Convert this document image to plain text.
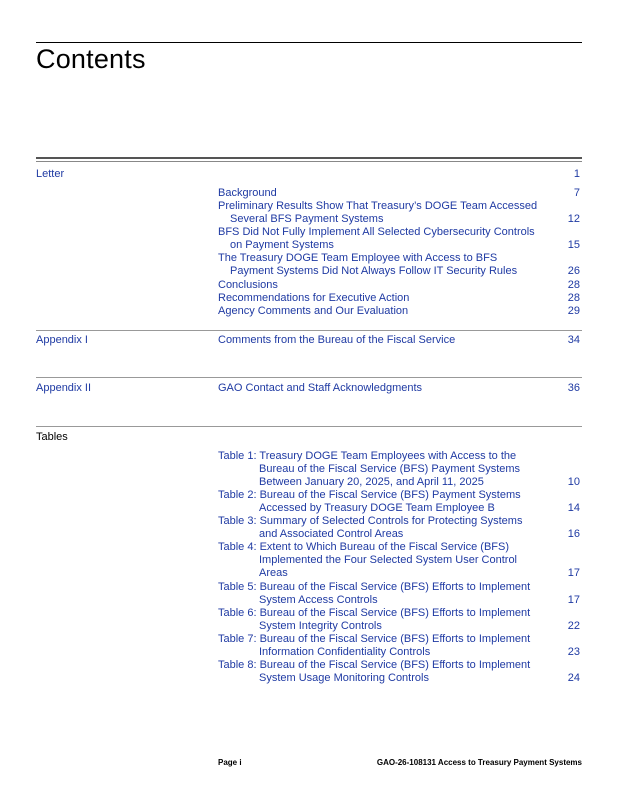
Contents
Letter	1
Background	7
Preliminary Results Show That Treasury’s DOGE Team Accessed Several BFS Payment Systems	12
BFS Did Not Fully Implement All Selected Cybersecurity Controls on Payment Systems	15
The Treasury DOGE Team Employee with Access to BFS Payment Systems Did Not Always Follow IT Security Rules	26
Conclusions	28
Recommendations for Executive Action	28
Agency Comments and Our Evaluation	29
Appendix I	Comments from the Bureau of the Fiscal Service	34
Appendix II	GAO Contact and Staff Acknowledgments	36
Tables
Table 1: Treasury DOGE Team Employees with Access to the Bureau of the Fiscal Service (BFS) Payment Systems Between January 20, 2025, and April 11, 2025	10
Table 2: Bureau of the Fiscal Service (BFS) Payment Systems Accessed by Treasury DOGE Team Employee B	14
Table 3: Summary of Selected Controls for Protecting Systems and Associated Control Areas	16
Table 4: Extent to Which Bureau of the Fiscal Service (BFS) Implemented the Four Selected System User Control Areas	17
Table 5: Bureau of the Fiscal Service (BFS) Efforts to Implement System Access Controls	17
Table 6: Bureau of the Fiscal Service (BFS) Efforts to Implement System Integrity Controls	22
Table 7: Bureau of the Fiscal Service (BFS) Efforts to Implement Information Confidentiality Controls	23
Table 8: Bureau of the Fiscal Service (BFS) Efforts to Implement System Usage Monitoring Controls	24
Page i	GAO-26-108131 Access to Treasury Payment Systems
